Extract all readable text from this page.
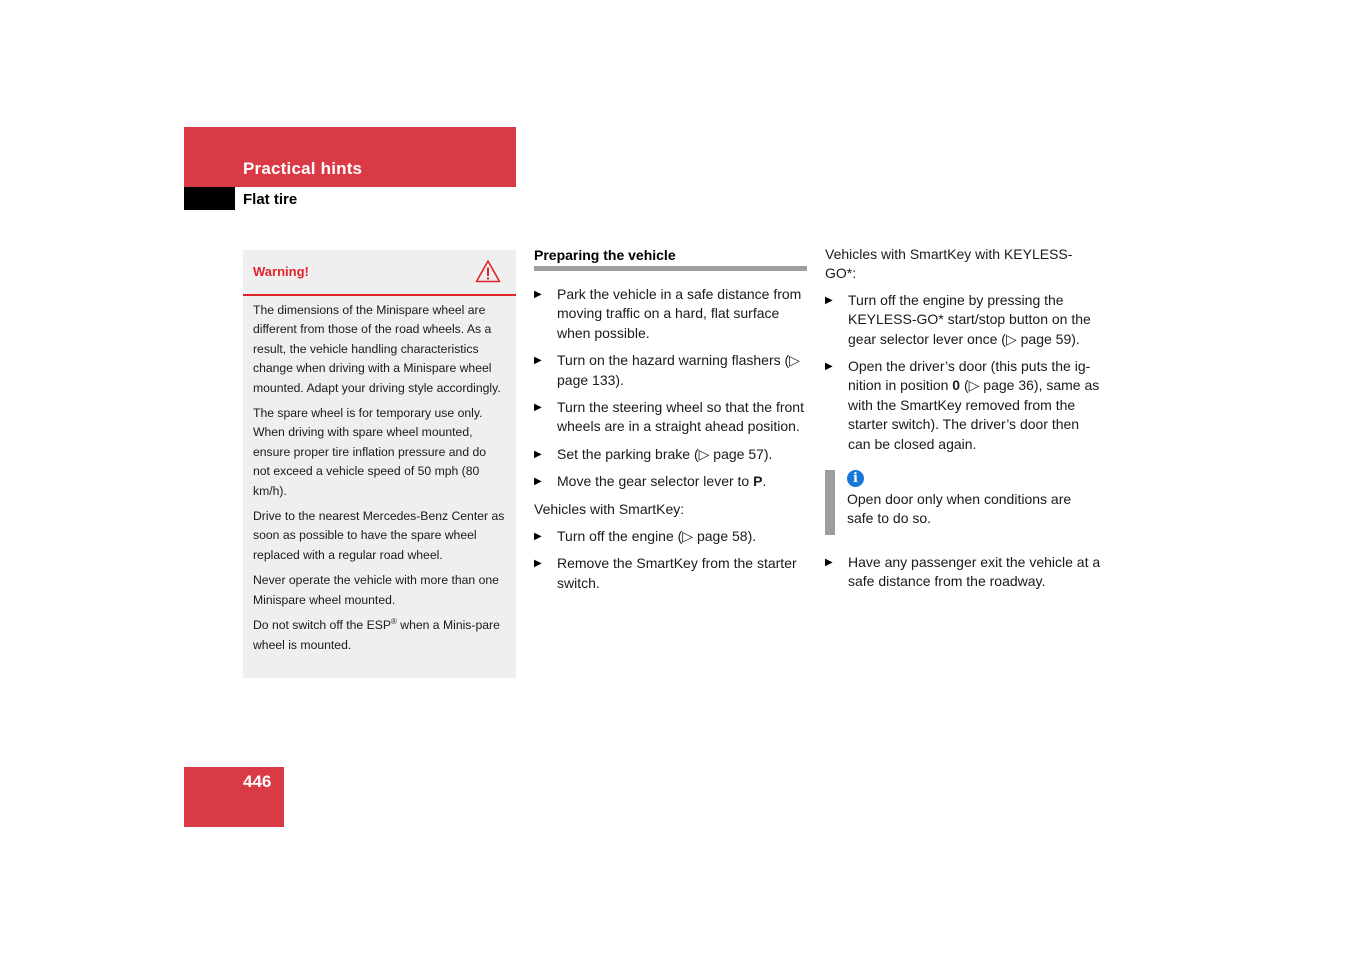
Practical hints
Flat tire
Warning!

The dimensions of the Minispare wheel are different from those of the road wheels. As a result, the vehicle handling characteristics change when driving with a Minispare wheel mounted. Adapt your driving style accordingly.

The spare wheel is for temporary use only. When driving with spare wheel mounted, ensure proper tire inflation pressure and do not exceed a vehicle speed of 50 mph (80 km/h).

Drive to the nearest Mercedes-Benz Center as soon as possible to have the spare wheel replaced with a regular road wheel.

Never operate the vehicle with more than one Minispare wheel mounted.

Do not switch off the ESP® when a Minis-pare wheel is mounted.

Preparing the vehicle
▶ Park the vehicle in a safe distance from moving traffic on a hard, flat surface when possible.
▶ Turn on the hazard warning flashers (▷ page 133).
▶ Turn the steering wheel so that the front wheels are in a straight ahead position.
▶ Set the parking brake (▷ page 57).
▶ Move the gear selector lever to P.
Vehicles with SmartKey:
▶ Turn off the engine (▷ page 58).
▶ Remove the SmartKey from the starter switch.
Vehicles with SmartKey with KEYLESS-GO*:
▶ Turn off the engine by pressing the KEYLESS-GO* start/stop button on the gear selector lever once (▷ page 59).
▶ Open the driver’s door (this puts the ig-nition in position 0 (▷ page 36), same as with the SmartKey removed from the starter switch). The driver’s door then can be closed again.
i
Open door only when conditions are safe to do so.
▶ Have any passenger exit the vehicle at a safe distance from the roadway.
446
